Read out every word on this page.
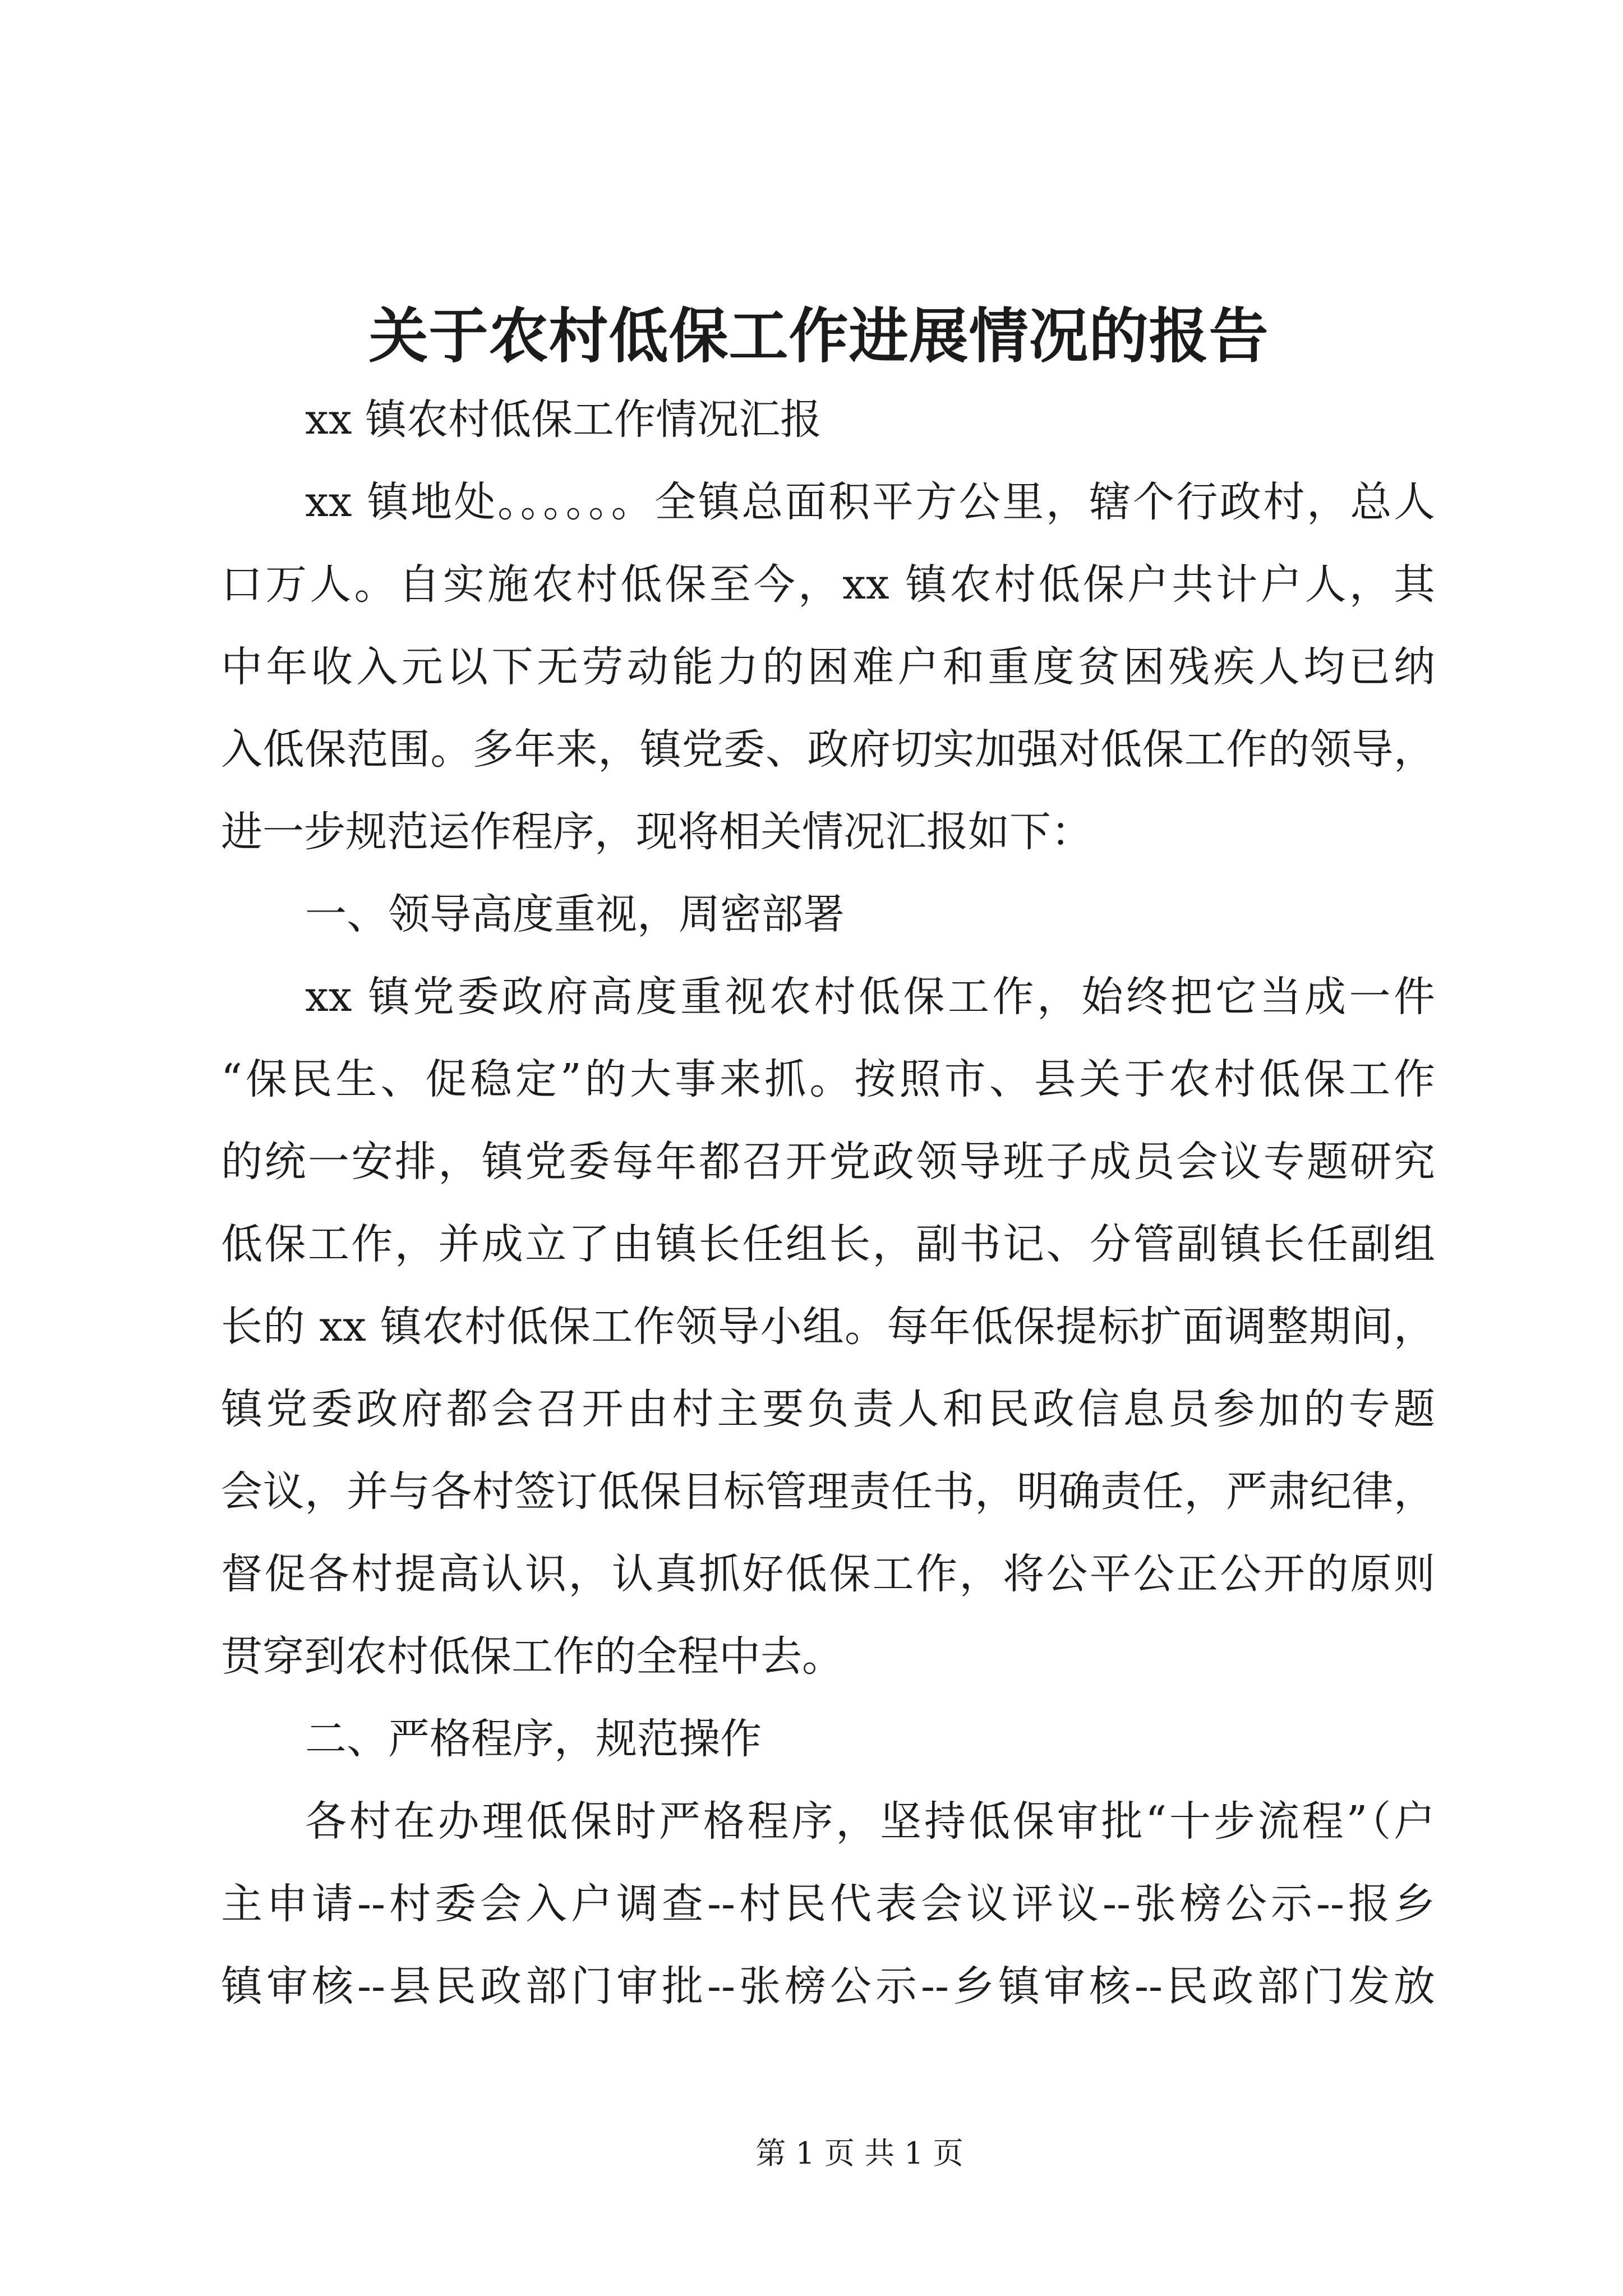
关于农村低保工作进展情况的报告
xx 镇农村低保工作情况汇报
xx 镇地处。。。。。。全镇总面积平方公里，辖个行政村，总人
口万人。自实施农村低保至今，xx 镇农村低保户共计户人，其
中年收入元以下无劳动能力的困难户和重度贫困残疾人均已纳
入低保范围。多年来，镇党委、政府切实加强对低保工作的领导，
进一步规范运作程序，现将相关情况汇报如下：
一、领导高度重视，周密部署
xx 镇党委政府高度重视农村低保工作，始终把它当成一件
“保民生、促稳定”的大事来抓。按照市、县关于农村低保工作
的统一安排，镇党委每年都召开党政领导班子成员会议专题研究
低保工作，并成立了由镇长任组长，副书记、分管副镇长任副组
长的 xx 镇农村低保工作领导小组。每年低保提标扩面调整期间，
镇党委政府都会召开由村主要负责人和民政信息员参加的专题
会议，并与各村签订低保目标管理责任书，明确责任，严肃纪律，
督促各村提高认识，认真抓好低保工作，将公平公正公开的原则
贯穿到农村低保工作的全程中去。
二、严格程序，规范操作
各村在办理低保时严格程序，坚持低保审批“十步流程”（户
主申请--村委会入户调查--村民代表会议评议--张榜公示--报乡
镇审核--县民政部门审批--张榜公示--乡镇审核--民政部门发放
第 1 页 共 1 页
